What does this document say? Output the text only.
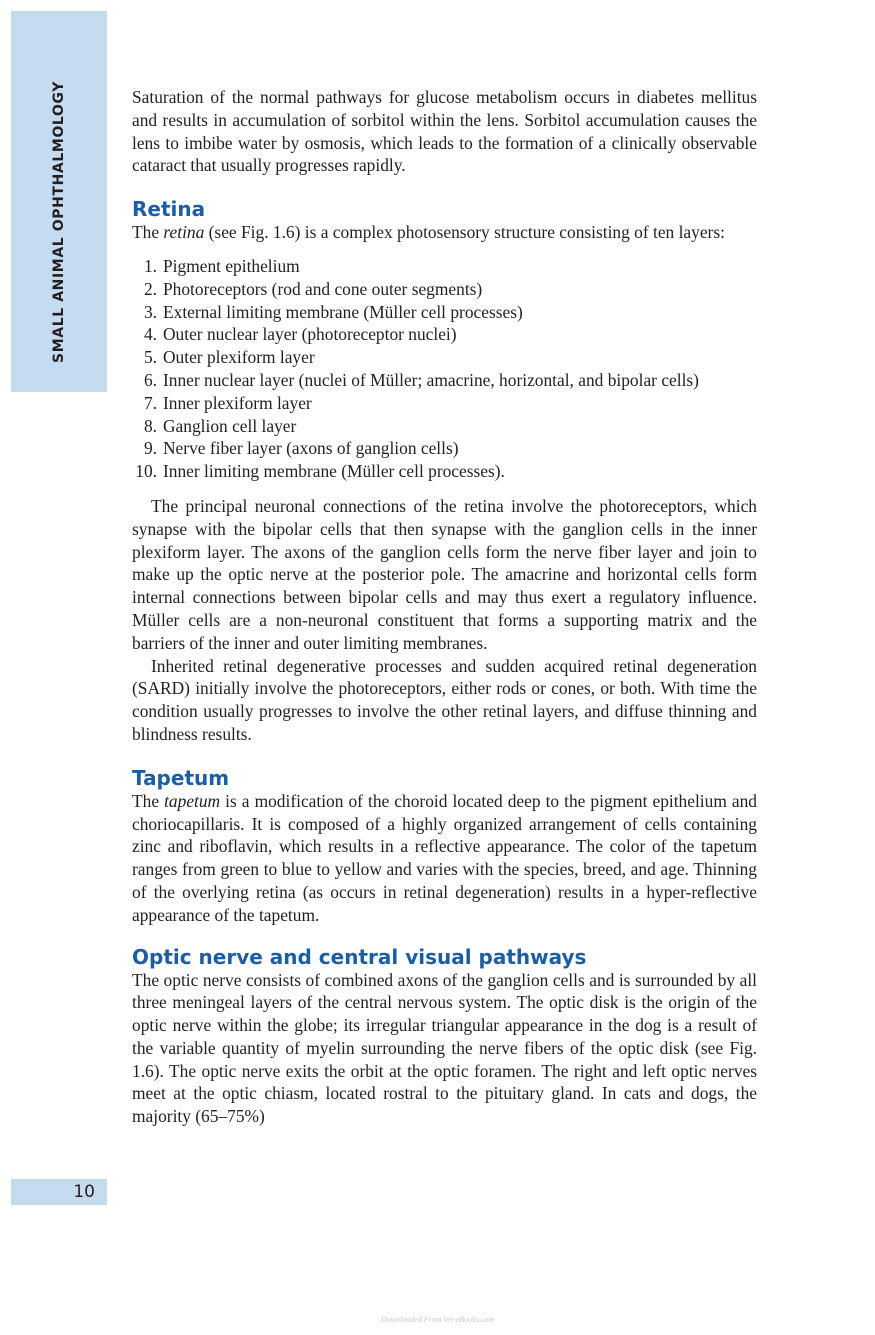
SMALL ANIMAL OPHTHALMOLOGY
10

Saturation of the normal pathways for glucose metabolism occurs in diabetes mellitus and results in accumulation of sorbitol within the lens. Sorbitol accumulation causes the lens to imbibe water by osmosis, which leads to the formation of a clinically observable cataract that usually progresses rapidly.

Retina

The retina (see Fig. 1.6) is a complex photosensory structure consisting of ten layers:

1. Pigment epithelium
2. Photoreceptors (rod and cone outer segments)
3. External limiting membrane (Müller cell processes)
4. Outer nuclear layer (photoreceptor nuclei)
5. Outer plexiform layer
6. Inner nuclear layer (nuclei of Müller; amacrine, horizontal, and bipolar cells)
7. Inner plexiform layer
8. Ganglion cell layer
9. Nerve fiber layer (axons of ganglion cells)
10. Inner limiting membrane (Müller cell processes).

The principal neuronal connections of the retina involve the photoreceptors, which synapse with the bipolar cells that then synapse with the ganglion cells in the inner plexiform layer. The axons of the ganglion cells form the nerve fiber layer and join to make up the optic nerve at the posterior pole. The amacrine and horizontal cells form internal connections between bipolar cells and may thus exert a regulatory influence. Müller cells are a non-neuronal constituent that forms a supporting matrix and the barriers of the inner and outer limiting membranes.

Inherited retinal degenerative processes and sudden acquired retinal degeneration (SARD) initially involve the photoreceptors, either rods or cones, or both. With time the condition usually progresses to involve the other retinal layers, and diffuse thinning and blindness results.

Tapetum

The tapetum is a modification of the choroid located deep to the pigment epithelium and choriocapillaris. It is composed of a highly organized arrangement of cells containing zinc and riboflavin, which results in a reflective appearance. The color of the tapetum ranges from green to blue to yellow and varies with the species, breed, and age. Thinning of the overlying retina (as occurs in retinal degeneration) results in a hyper-reflective appearance of the tapetum.

Optic nerve and central visual pathways

The optic nerve consists of combined axons of the ganglion cells and is surrounded by all three meningeal layers of the central nervous system. The optic disk is the origin of the optic nerve within the globe; its irregular triangular appearance in the dog is a result of the variable quantity of myelin surrounding the nerve fibers of the optic disk (see Fig. 1.6). The optic nerve exits the orbit at the optic foramen. The right and left optic nerves meet at the optic chiasm, located rostral to the pituitary gland. In cats and dogs, the majority (65–75%)

Downloaded From Vet-eBooks.com
